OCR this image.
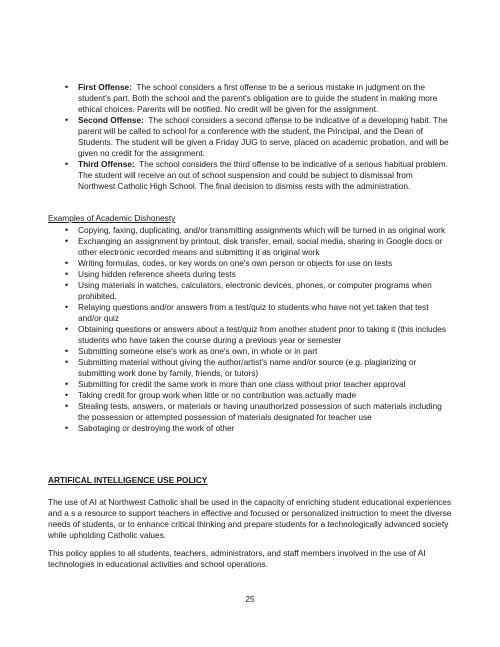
• First Offense: The school considers a first offense to be a serious mistake in judgment on the student's part. Both the school and the parent's obligation are to guide the student in making more ethical choices. Parents will be notified. No credit will be given for the assignment.
• Second Offense: The school considers a second offense to be indicative of a developing habit. The parent will be called to school for a conference with the student, the Principal, and the Dean of Students. The student will be given a Friday JUG to serve, placed on academic probation, and will be given no credit for the assignment.
• Third Offense: The school considers the third offense to be indicative of a serious habitual problem. The student will receive an out of school suspension and could be subject to dismissal from Northwest Catholic High School. The final decision to dismiss rests with the administration.
Examples of Academic Dishonesty
• Copying, faxing, duplicating, and/or transmitting assignments which will be turned in as original work
• Exchanging an assignment by printout, disk transfer, email, social media, sharing in Google docs or other electronic recorded means and submitting it as original work
• Writing formulas, codes, or key words on one's own person or objects for use on tests
• Using hidden reference sheets during tests
• Using materials in watches, calculators, electronic devices, phones, or computer programs when prohibited.
• Relaying questions and/or answers from a test/quiz to students who have not yet taken that test and/or quiz
• Obtaining questions or answers about a test/quiz from another student prior to taking it (this includes students who have taken the course during a previous year or semester
• Submitting someone else's work as one's own, in whole or in part
• Submitting material without giving the author/artist's name and/or source (e.g. plagiarizing or submitting work done by family, friends, or tutors)
• Submitting for credit the same work in more than one class without prior teacher approval
• Taking credit for group work when little or no contribution was actually made
• Stealing tests, answers, or materials or having unauthorized possession of such materials including the possession or attempted possession of materials designated for teacher use
• Sabotaging or destroying the work of other
ARTIFICAL INTELLIGENCE USE POLICY

The use of AI at Northwest Catholic shall be used in the capacity of enriching student educational experiences and a s a resource to support teachers in effective and focused or personalized instruction to meet the diverse needs of students, or to enhance critical thinking and prepare students for a technologically advanced society while upholding Catholic values.

This policy applies to all students, teachers, administrators, and staff members involved in the use of AI technologies in educational activities and school operations.

25
